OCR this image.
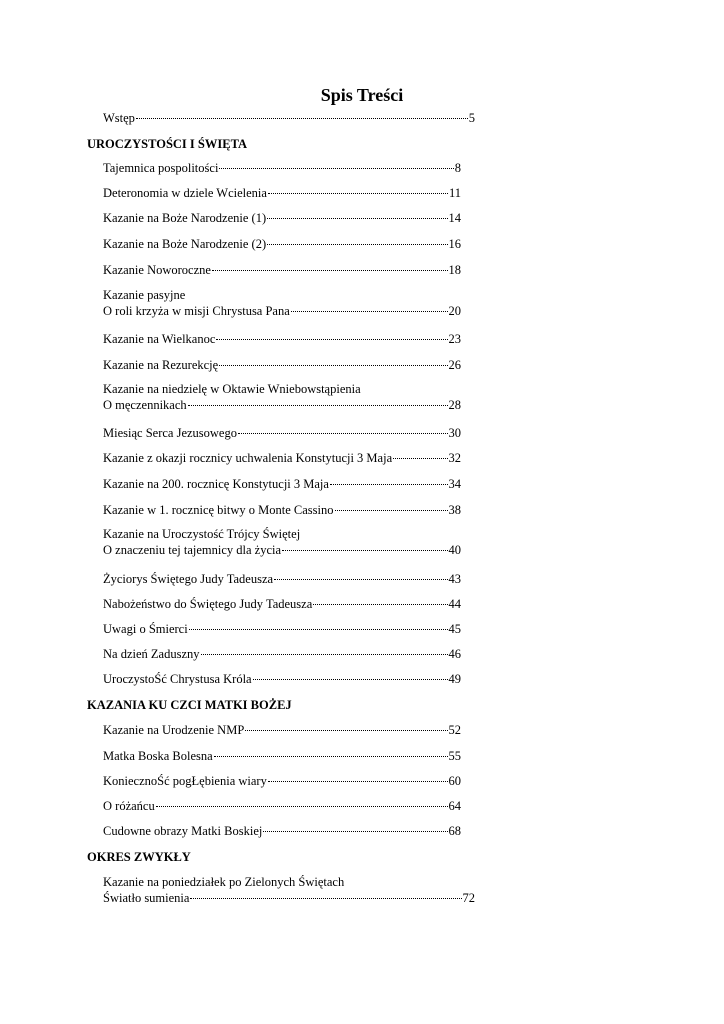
Spis Treści
Wstęp	5
UROCZYSTOŚCI I ŚWIĘTA
Tajemnica pospolitości	8
Deteronomia w dziele Wcielenia	11
Kazanie na Boże Narodzenie (1)	14
Kazanie na Boże Narodzenie (2)	16
Kazanie Noworoczne	18
Kazanie pasyjne
O roli krzyża w misji Chrystusa Pana	20
Kazanie na Wielkanoc	23
Kazanie na Rezurekcję	26
Kazanie na niedzielę w Oktawie Wniebowstąpienia
O męczennikach	28
Miesiąc Serca Jezusowego	30
Kazanie z okazji rocznicy uchwalenia Konstytucji 3 Maja	32
Kazanie na 200. rocznicę Konstytucji 3 Maja	34
Kazanie w 1. rocznicę bitwy o Monte Cassino	38
Kazanie na Uroczystość Trójcy Świętej
O znaczeniu tej tajemnicy dla życia	40
Życiorys Świętego Judy Tadeusza	43
Nabożeństwo do Świętego Judy Tadeusza	44
Uwagi o Śmierci	45
Na dzień Zaduszny	46
UroczystoŚć Chrystusa Króla	49
KAZANIA KU CZCI MATKI BOŻEJ
Kazanie na Urodzenie NMP	52
Matka Boska Bolesna	55
KoniecznoŚć pogŁębienia wiary	60
O różańcu	64
Cudowne obrazy Matki Boskiej	68
OKRES ZWYKŁY
Kazanie na poniedziałek po Zielonych Świętach
Światło sumienia	72
